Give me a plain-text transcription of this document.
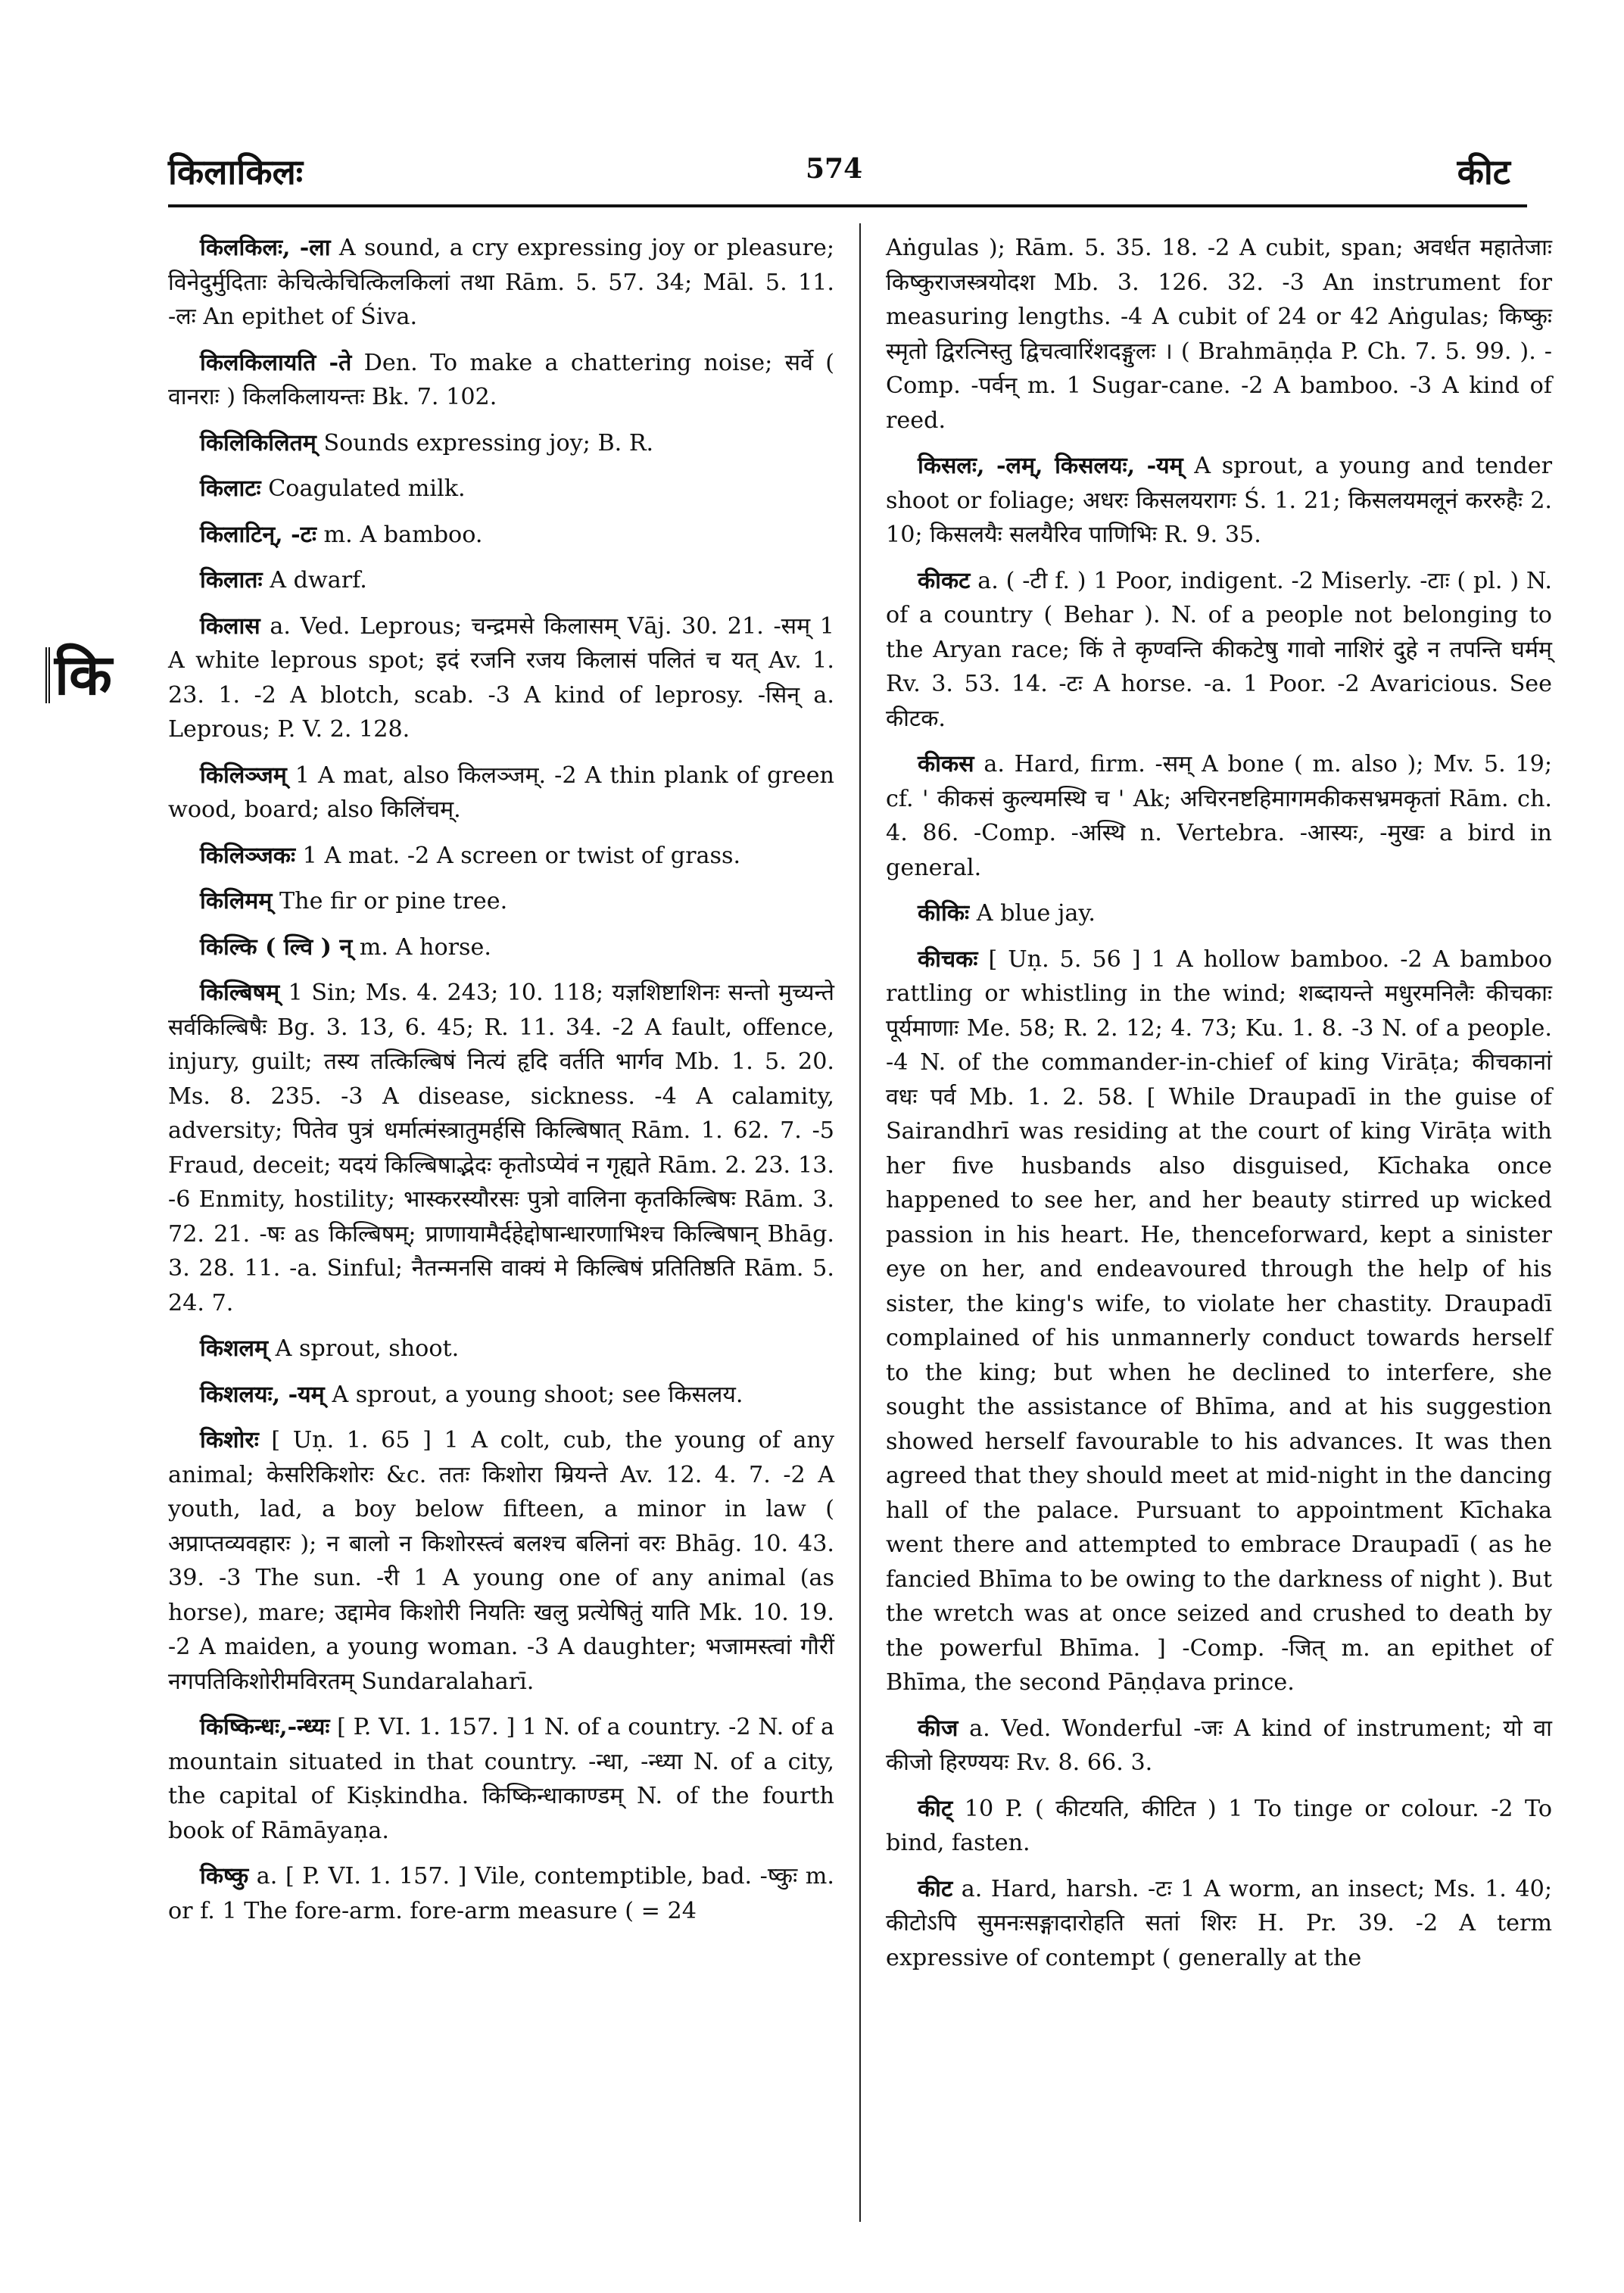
किलाकिलः	574	कीट
कि

किलकिलः, -ला A sound, a cry expressing joy or pleasure; विनेदुर्मुदिताः केचित्केचित्किलकिलां तथा Rām. 5. 57. 34; Māl. 5. 11. -लः An epithet of Śiva.

किलकिलायति -ते Den. To make a chattering noise; सर्वे ( वानराः ) किलकिलायन्तः Bk. 7. 102.

किलिकिलितम् Sounds expressing joy; B. R.

किलाटः Coagulated milk.

किलाटिन्, -टः m. A bamboo.

किलातः A dwarf.

किलास a. Ved. Leprous; चन्द्रमसे किलासम् Vāj. 30. 21. -सम् 1 A white leprous spot; इदं रजनि रजय किलासं पलितं च यत् Av. 1. 23. 1. -2 A blotch, scab. -3 A kind of leprosy. -सिन् a. Leprous; P. V. 2. 128.

किलिञ्जम् 1 A mat, also किलञ्जम्. -2 A thin plank of green wood, board; also किलिंचम्.

किलिञ्जकः 1 A mat. -2 A screen or twist of grass.

किलिमम् The fir or pine tree.

किल्कि ( ल्वि ) न् m. A horse.

किल्बिषम् 1 Sin; Ms. 4. 243; 10. 118; यज्ञशिष्टाशिनः सन्तो मुच्यन्ते सर्वकिल्बिषैः Bg. 3. 13, 6. 45; R. 11. 34. -2 A fault, offence, injury, guilt; तस्य तत्किल्बिषं नित्यं हृदि वर्तति भार्गव Mb. 1. 5. 20. Ms. 8. 235. -3 A disease, sickness. -4 A calamity, adversity; पितेव पुत्रं धर्मात्मंस्त्रातुमर्हसि किल्बिषात् Rām. 1. 62. 7. -5 Fraud, deceit; यदयं किल्बिषाद्भेदः कृतोऽप्येवं न गृह्यते Rām. 2. 23. 13. -6 Enmity, hostility; भास्करस्यौरसः पुत्रो वालिना कृतकिल्बिषः Rām. 3. 72. 21. -षः as किल्बिषम्; प्राणायामैर्दहेद्दोषान्धारणाभिश्च किल्बिषान् Bhāg. 3. 28. 11. -a. Sinful; नैतन्मनसि वाक्यं मे किल्बिषं प्रतितिष्ठति Rām. 5. 24. 7.

किशलम् A sprout, shoot.

किशलयः, -यम् A sprout, a young shoot; see किसलय.

किशोरः [ Uṇ. 1. 65 ] 1 A colt, cub, the young of any animal; केसरिकिशोरः &c. ततः किशोरा म्रियन्ते Av. 12. 4. 7. -2 A youth, lad, a boy below fifteen, a minor in law ( अप्राप्तव्यवहारः ); न बालो न किशोरस्त्वं बलश्च बलिनां वरः Bhāg. 10. 43. 39. -3 The sun. -री 1 A young one of any animal (as horse), mare; उद्दामेव किशोरी नियतिः खलु प्रत्येषितुं याति Mk. 10. 19. -2 A maiden, a young woman. -3 A daughter; भजामस्त्वां गौरीं नगपतिकिशोरीमविरतम् Sundaralaharī.

किष्किन्धः,-न्ध्यः [ P. VI. 1. 157. ] 1 N. of a country. -2 N. of a mountain situated in that country. -न्धा, -न्ध्या N. of a city, the capital of Kiṣkindha. किष्किन्धाकाण्डम् N. of the fourth book of Rāmāyaṇa.

किष्कु a. [ P. VI. 1. 157. ] Vile, contemptible, bad. -ष्कुः m. or f. 1 The fore-arm. fore-arm measure ( = 24

Aṅgulas ); Rām. 5. 35. 18. -2 A cubit, span; अवर्धत महातेजाः किष्कुराजस्त्रयोदश Mb. 3. 126. 32. -3 An instrument for measuring lengths. -4 A cubit of 24 or 42 Aṅgulas; किष्कुः स्मृतो द्विरत्निस्तु द्विचत्वारिंशदङ्गुलः । ( Brahmāṇḍa P. Ch. 7. 5. 99. ). -Comp. -पर्वन् m. 1 Sugar-cane. -2 A bamboo. -3 A kind of reed.

किसलः, -लम्, किसलयः, -यम् A sprout, a young and tender shoot or foliage; अधरः किसलयरागः Ś. 1. 21; किसलयमलूनं कररुहैः 2. 10; किसलयैः सलयैरिव पाणिभिः R. 9. 35.

कीकट a. ( -टी f. ) 1 Poor, indigent. -2 Miserly. -टाः ( pl. ) N. of a country ( Behar ). N. of a people not belonging to the Aryan race; किं ते कृण्वन्ति कीकटेषु गावो नाशिरं दुहे न तपन्ति घर्मम् Rv. 3. 53. 14. -टः A horse. -a. 1 Poor. -2 Avaricious. See कीटक.

कीकस a. Hard, firm. -सम् A bone ( m. also ); Mv. 5. 19; cf. ' कीकसं कुल्यमस्थि च ' Ak; अचिरनष्टहिमागमकीकसभ्रमकृतां Rām. ch. 4. 86. -Comp. -अस्थि n. Vertebra. -आस्यः, -मुखः a bird in general.

कीकिः A blue jay.

कीचकः [ Uṇ. 5. 56 ] 1 A hollow bamboo. -2 A bamboo rattling or whistling in the wind; शब्दायन्ते मधुरमनिलैः कीचकाः पूर्यमाणाः Me. 58; R. 2. 12; 4. 73; Ku. 1. 8. -3 N. of a people. -4 N. of the commander-in-chief of king Virāṭa; कीचकानां वधः पर्व Mb. 1. 2. 58. [ While Draupadī in the guise of Sairandhrī was residing at the court of king Virāṭa with her five husbands also disguised, Kīchaka once happened to see her, and her beauty stirred up wicked passion in his heart. He, thenceforward, kept a sinister eye on her, and endeavoured through the help of his sister, the king's wife, to violate her chastity. Draupadī complained of his unmannerly conduct towards herself to the king; but when he declined to interfere, she sought the assistance of Bhīma, and at his suggestion showed herself favourable to his advances. It was then agreed that they should meet at mid-night in the dancing hall of the palace. Pursuant to appointment Kīchaka went there and attempted to embrace Draupadī ( as he fancied Bhīma to be owing to the darkness of night ). But the wretch was at once seized and crushed to death by the powerful Bhīma. ] -Comp. -जित् m. an epithet of Bhīma, the second Pāṇḍava prince.

कीज a. Ved. Wonderful -जः A kind of instrument; यो वा कीजो हिरण्ययः Rv. 8. 66. 3.

कीट् 10 P. ( कीटयति, कीटित ) 1 To tinge or colour. -2 To bind, fasten.

कीट a. Hard, harsh. -टः 1 A worm, an insect; Ms. 1. 40; कीटोऽपि सुमनःसङ्गादारोहति सतां शिरः H. Pr. 39. -2 A term expressive of contempt ( generally at the
